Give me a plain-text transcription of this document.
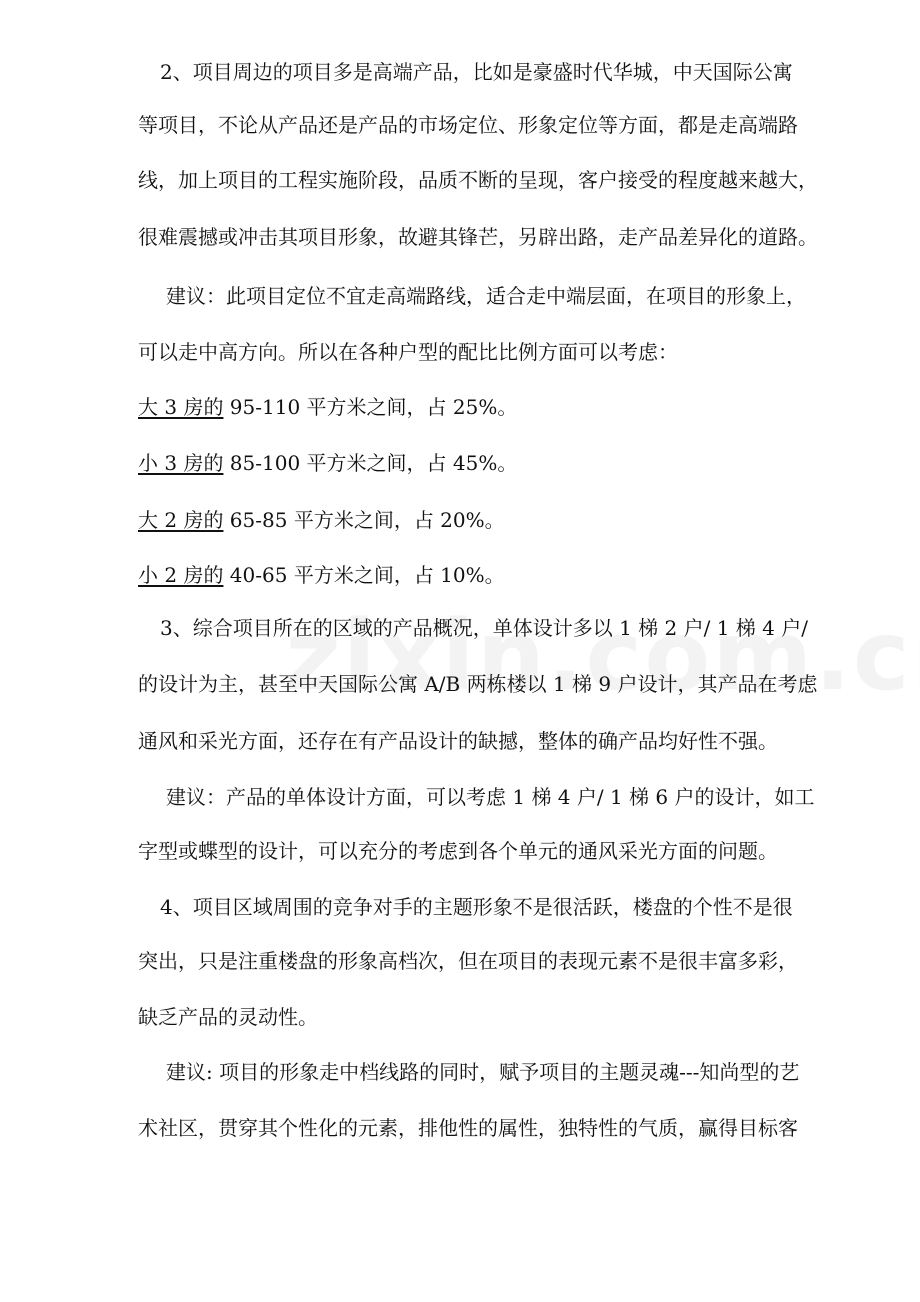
2、项目周边的项目多是高端产品，比如是豪盛时代华城，中天国际公寓
等项目，不论从产品还是产品的市场定位、形象定位等方面，都是走高端路
线，加上项目的工程实施阶段，品质不断的呈现，客户接受的程度越来越大，
很难震撼或冲击其项目形象，故避其锋芒，另辟出路，走产品差异化的道路。
建议：此项目定位不宜走高端路线，适合走中端层面，在项目的形象上，
可以走中高方向。所以在各种户型的配比比例方面可以考虑：
大 3 房的 95-110 平方米之间，占 25%。
小 3 房的 85-100 平方米之间，占 45%。
大 2 房的 65-85 平方米之间，占 20%。
小 2 房的 40-65 平方米之间，占 10%。
3、综合项目所在的区域的产品概况，单体设计多以 1 梯 2 户/ 1 梯 4 户/
的设计为主，甚至中天国际公寓 A/B 两栋楼以 1 梯 9 户设计，其产品在考虑
通风和采光方面，还存在有产品设计的缺撼，整体的确产品均好性不强。
建议：产品的单体设计方面，可以考虑 1 梯 4 户/ 1 梯 6 户的设计，如工
字型或蝶型的设计，可以充分的考虑到各个单元的通风采光方面的问题。
4、项目区域周围的竞争对手的主题形象不是很活跃，楼盘的个性不是很
突出，只是注重楼盘的形象高档次，但在项目的表现元素不是很丰富多彩，
缺乏产品的灵动性。
建议: 项目的形象走中档线路的同时，赋予项目的主题灵魂---知尚型的艺
术社区，贯穿其个性化的元素，排他性的属性，独特性的气质，赢得目标客
